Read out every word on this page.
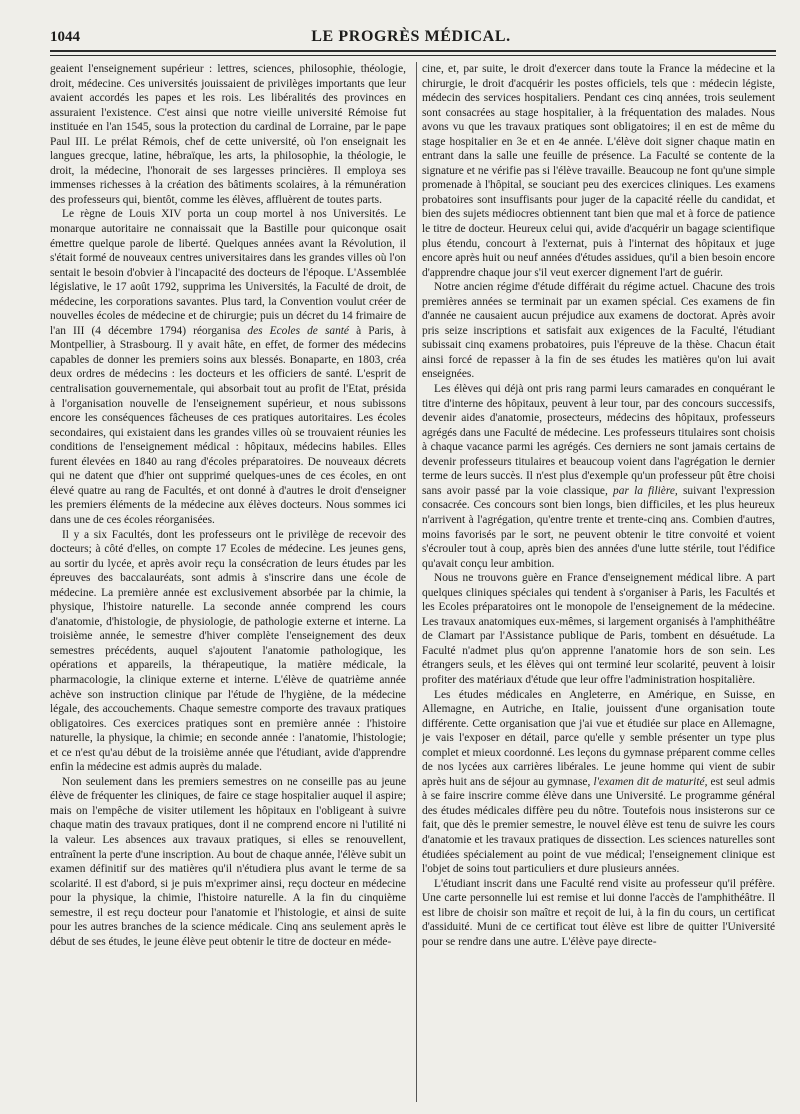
1044	LE PROGRÈS MÉDICAL.

geaient l'enseignement supérieur : lettres, sciences, philosophie, théologie, droit, médecine. Ces universités jouissaient de privilèges importants que leur avaient accordés les papes et les rois. Les libéralités des provinces en assuraient l'existence. C'est ainsi que notre vieille université Rémoise fut instituée en l'an 1545, sous la protection du cardinal de Lorraine, par le pape Paul III. Le prélat Rémois, chef de cette université, où l'on enseignait les langues grecque, latine, hébraïque, les arts, la philosophie, la théologie, le droit, la médecine, l'honorait de ses largesses princières. Il employa ses immenses richesses à la création des bâtiments scolaires, à la rémunération des professeurs qui, bientôt, comme les élèves, affluèrent de toutes parts.

Le règne de Louis XIV porta un coup mortel à nos Universités. Le monarque autoritaire ne connaissait que la Bastille pour quiconque osait émettre quelque parole de liberté. Quelques années avant la Révolution, il s'était formé de nouveaux centres universitaires dans les grandes villes où l'on sentait le besoin d'obvier à l'incapacité des docteurs de l'époque. L'Assemblée législative, le 17 août 1792, supprima les Universités, la Faculté de droit, de médecine, les corporations savantes. Plus tard, la Convention voulut créer de nouvelles écoles de médecine et de chirurgie; puis un décret du 14 frimaire de l'an III (4 décembre 1794) réorganisa des Ecoles de santé à Paris, à Montpellier, à Strasbourg. Il y avait hâte, en effet, de former des médecins capables de donner les premiers soins aux blessés. Bonaparte, en 1803, créa deux ordres de médecins : les docteurs et les officiers de santé. L'esprit de centralisation gouvernementale, qui absorbait tout au profit de l'Etat, présida à l'organisation nouvelle de l'enseignement supérieur, et nous subissons encore les conséquences fâcheuses de ces pratiques autoritaires. Les écoles secondaires, qui existaient dans les grandes villes où se trouvaient réunies les conditions de l'enseignement médical : hôpitaux, médecins habiles. Elles furent élevées en 1840 au rang d'écoles préparatoires. De nouveaux décrets qui ne datent que d'hier ont supprimé quelques-unes de ces écoles, en ont élevé quatre au rang de Facultés, et ont donné à d'autres le droit d'enseigner les premiers éléments de la médecine aux élèves docteurs. Nous sommes ici dans une de ces écoles réorganisées.

Il y a six Facultés, dont les professeurs ont le privilège de recevoir des docteurs; à côté d'elles, on compte 17 Ecoles de médecine. Les jeunes gens, au sortir du lycée, et après avoir reçu la consécration de leurs études par les épreuves des baccalauréats, sont admis à s'inscrire dans une école de médecine. La première année est exclusivement absorbée par la chimie, la physique, l'histoire naturelle. La seconde année comprend les cours d'anatomie, d'histologie, de physiologie, de pathologie externe et interne. La troisième année, le semestre d'hiver complète l'enseignement des deux semestres précédents, auquel s'ajoutent l'anatomie pathologique, les opérations et appareils, la thérapeutique, la matière médicale, la pharmacologie, la clinique externe et interne. L'élève de quatrième année achève son instruction clinique par l'étude de l'hygiène, de la médecine légale, des accouchements. Chaque semestre comporte des travaux pratiques obligatoires. Ces exercices pratiques sont en première année : l'histoire naturelle, la physique, la chimie; en seconde année : l'anatomie, l'histologie; et ce n'est qu'au début de la troisième année que l'étudiant, avide d'apprendre enfin la médecine est admis auprès du malade.

Non seulement dans les premiers semestres on ne conseille pas au jeune élève de fréquenter les cliniques, de faire ce stage hospitalier auquel il aspire; mais on l'empêche de visiter utilement les hôpitaux en l'obligeant à suivre chaque matin des travaux pratiques, dont il ne comprend encore ni l'utilité ni la valeur. Les absences aux travaux pratiques, si elles se renouvellent, entraînent la perte d'une inscription. Au bout de chaque année, l'élève subit un examen définitif sur des matières qu'il n'étudiera plus avant le terme de sa scolarité. Il est d'abord, si je puis m'exprimer ainsi, reçu docteur en médecine pour la physique, la chimie, l'histoire naturelle. A la fin du cinquième semestre, il est reçu docteur pour l'anatomie et l'histologie, et ainsi de suite pour les autres branches de la science médicale. Cinq ans seulement après le début de ses études, le jeune élève peut obtenir le titre de docteur en méde-

cine, et, par suite, le droit d'exercer dans toute la France la médecine et la chirurgie, le droit d'acquérir les postes officiels, tels que : médecin légiste, médecin des services hospitaliers. Pendant ces cinq années, trois seulement sont consacrées au stage hospitalier, à la fréquentation des malades. Nous avons vu que les travaux pratiques sont obligatoires; il en est de même du stage hospitalier en 3e et en 4e année. L'élève doit signer chaque matin en entrant dans la salle une feuille de présence. La Faculté se contente de la signature et ne vérifie pas si l'élève travaille. Beaucoup ne font qu'une simple promenade à l'hôpital, se souciant peu des exercices cliniques. Les examens probatoires sont insuffisants pour juger de la capacité réelle du candidat, et bien des sujets médiocres obtiennent tant bien que mal et à force de patience le titre de docteur. Heureux celui qui, avide d'acquérir un bagage scientifique plus étendu, concourt à l'externat, puis à l'internat des hôpitaux et juge encore après huit ou neuf années d'études assidues, qu'il a bien besoin encore d'apprendre chaque jour s'il veut exercer dignement l'art de guérir.

Notre ancien régime d'étude différait du régime actuel. Chacune des trois premières années se terminait par un examen spécial. Ces examens de fin d'année ne causaient aucun préjudice aux examens de doctorat. Après avoir pris seize inscriptions et satisfait aux exigences de la Faculté, l'étudiant subissait cinq examens probatoires, puis l'épreuve de la thèse. Chacun était ainsi forcé de repasser à la fin de ses études les matières qu'on lui avait enseignées.

Les élèves qui déjà ont pris rang parmi leurs camarades en conquérant le titre d'interne des hôpitaux, peuvent à leur tour, par des concours successifs, devenir aides d'anatomie, prosecteurs, médecins des hôpitaux, professeurs agrégés dans une Faculté de médecine. Les professeurs titulaires sont choisis à chaque vacance parmi les agrégés. Ces derniers ne sont jamais certains de devenir professeurs titulaires et beaucoup voient dans l'agrégation le dernier terme de leurs succès. Il n'est plus d'exemple qu'un professeur pût être choisi sans avoir passé par la voie classique, par la filière, suivant l'expression consacrée. Ces concours sont bien longs, bien difficiles, et les plus heureux n'arrivent à l'agrégation, qu'entre trente et trente-cinq ans. Combien d'autres, moins favorisés par le sort, ne peuvent obtenir le titre convoité et voient s'écrouler tout à coup, après bien des années d'une lutte stérile, tout l'édifice qu'avait conçu leur ambition.

Nous ne trouvons guère en France d'enseignement médical libre. A part quelques cliniques spéciales qui tendent à s'organiser à Paris, les Facultés et les Ecoles préparatoires ont le monopole de l'enseignement de la médecine. Les travaux anatomiques eux-mêmes, si largement organisés à l'amphithéâtre de Clamart par l'Assistance publique de Paris, tombent en désuétude. La Faculté n'admet plus qu'on apprenne l'anatomie hors de son sein. Les étrangers seuls, et les élèves qui ont terminé leur scolarité, peuvent à loisir profiter des matériaux d'étude que leur offre l'administration hospitalière.

Les études médicales en Angleterre, en Amérique, en Suisse, en Allemagne, en Autriche, en Italie, jouissent d'une organisation toute différente. Cette organisation que j'ai vue et étudiée sur place en Allemagne, je vais l'exposer en détail, parce qu'elle y semble présenter un type plus complet et mieux coordonné. Les leçons du gymnase préparent comme celles de nos lycées aux carrières libérales. Le jeune homme qui vient de subir après huit ans de séjour au gymnase, l'examen dit de maturité, est seul admis à se faire inscrire comme élève dans une Université. Le programme général des études médicales diffère peu du nôtre. Toutefois nous insisterons sur ce fait, que dès le premier semestre, le nouvel élève est tenu de suivre les cours d'anatomie et les travaux pratiques de dissection. Les sciences naturelles sont étudiées spécialement au point de vue médical; l'enseignement clinique est l'objet de soins tout particuliers et dure plusieurs années.

L'étudiant inscrit dans une Faculté rend visite au professeur qu'il préfère. Une carte personnelle lui est remise et lui donne l'accès de l'amphithéâtre. Il est libre de choisir son maître et reçoit de lui, à la fin du cours, un certificat d'assiduité. Muni de ce certificat tout élève est libre de quitter l'Université pour se rendre dans une autre. L'élève paye directe-
